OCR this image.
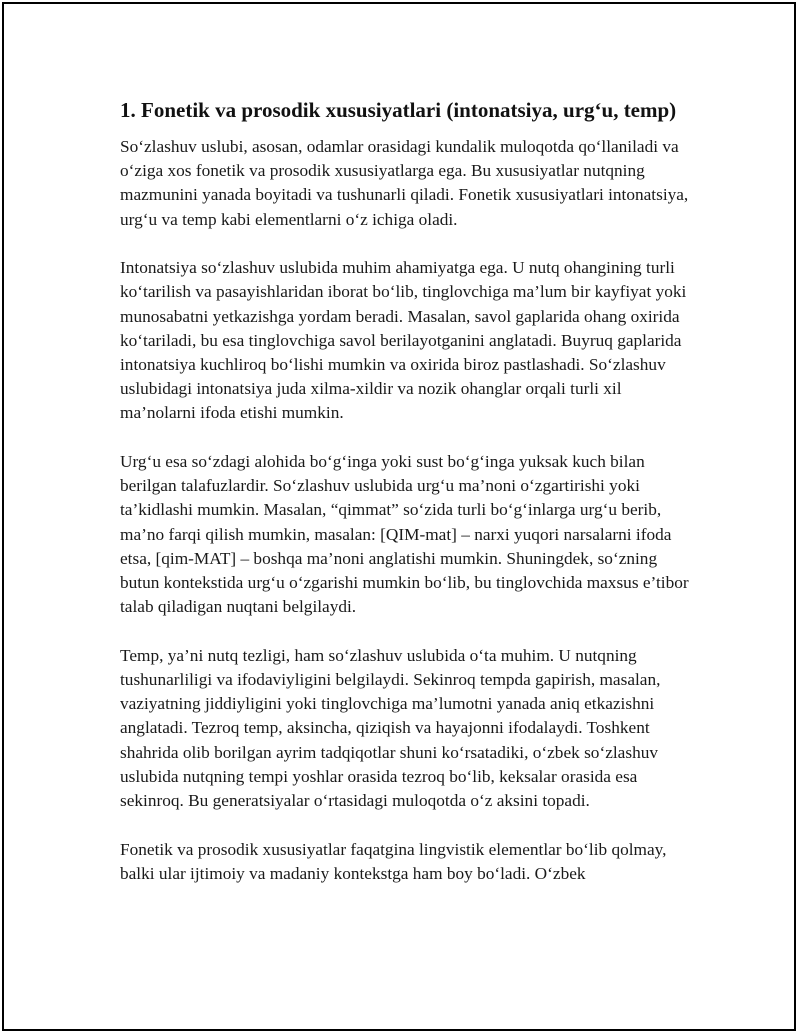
1. Fonetik va prosodik xususiyatlari (intonatsiya, urg‘u, temp)

So‘zlashuv uslubi, asosan, odamlar orasidagi kundalik muloqotda qo‘llaniladi va o‘ziga xos fonetik va prosodik xususiyatlarga ega. Bu xususiyatlar nutqning mazmunini yanada boyitadi va tushunarli qiladi. Fonetik xususiyatlari intonatsiya, urg‘u va temp kabi elementlarni o‘z ichiga oladi.

Intonatsiya so‘zlashuv uslubida muhim ahamiyatga ega. U nutq ohangining turli ko‘tarilish va pasayishlaridan iborat bo‘lib, tinglovchiga ma’lum bir kayfiyat yoki munosabatni yetkazishga yordam beradi. Masalan, savol gaplarida ohang oxirida ko‘tariladi, bu esa tinglovchiga savol berilayotganini anglatadi. Buyruq gaplarida intonatsiya kuchliroq bo‘lishi mumkin va oxirida biroz pastlashadi. So‘zlashuv uslubidagi intonatsiya juda xilma-xildir va nozik ohanglar orqali turli xil ma’nolarni ifoda etishi mumkin.

Urg‘u esa so‘zdagi alohida bo‘g‘inga yoki sust bo‘g‘inga yuksak kuch bilan berilgan talafuzlardir. So‘zlashuv uslubida urg‘u ma’noni o‘zgartirishi yoki ta’kidlashi mumkin. Masalan, “qimmat” so‘zida turli bo‘g‘inlarga urg‘u berib, ma’no farqi qilish mumkin, masalan: [QIM-mat] – narxi yuqori narsalarni ifoda etsa, [qim-MAT] – boshqa ma’noni anglatishi mumkin. Shuningdek, so‘zning butun kontekstida urg‘u o‘zgarishi mumkin bo‘lib, bu tinglovchida maxsus e’tibor talab qiladigan nuqtani belgilaydi.

Temp, ya’ni nutq tezligi, ham so‘zlashuv uslubida o‘ta muhim. U nutqning tushunarliligi va ifodaviyligini belgilaydi. Sekinroq tempda gapirish, masalan, vaziyatning jiddiyligini yoki tinglovchiga ma’lumotni yanada aniq etkazishni anglatadi. Tezroq temp, aksincha, qiziqish va hayajonni ifodalaydi. Toshkent shahrida olib borilgan ayrim tadqiqotlar shuni ko‘rsatadiki, o‘zbek so‘zlashuv uslubida nutqning tempi yoshlar orasida tezroq bo‘lib, keksalar orasida esa sekinroq. Bu generatsiyalar o‘rtasidagi muloqotda o‘z aksini topadi.

Fonetik va prosodik xususiyatlar faqatgina lingvistik elementlar bo‘lib qolmay, balki ular ijtimoiy va madaniy kontekstga ham boy bo‘ladi. O‘zbek
